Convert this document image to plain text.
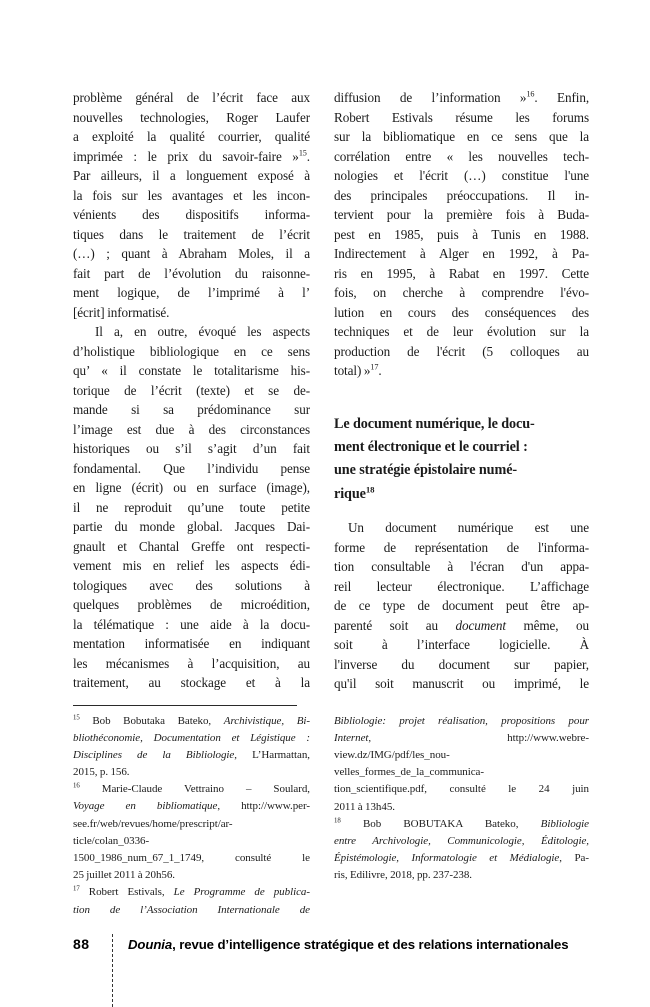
problème général de l’écrit face aux
nouvelles technologies, Roger Laufer
a exploité la qualité courrier, qualité
imprimée : le prix du savoir-faire »$^{15}$.
Par ailleurs, il a longuement exposé à
la fois sur les avantages et les incon-
vénients des dispositifs informa-
tiques dans le traitement de l’écrit
(…) ; quant à Abraham Moles, il a
fait part de l’évolution du raisonne-
ment logique, de l’imprimé à l’
[écrit] informatisé.
Il a, en outre, évoqué les aspects
d’holistique bibliologique en ce sens
qu’ « il constate le totalitarisme his-
torique de l’écrit (texte) et se de-
mande si sa prédominance sur
l’image est due à des circonstances
historiques ou s’il s’agit d’un fait
fondamental. Que l’individu pense
en ligne (écrit) ou en surface (image),
il ne reproduit qu’une toute petite
partie du monde global. Jacques Dai-
gnault et Chantal Greffe ont respecti-
vement mis en relief les aspects édi-
tologiques avec des solutions à
quelques problèmes de microédition,
la télématique : une aide à la docu-
mentation informatisée en indiquant
les mécanismes à l’acquisition, au
traitement, au stockage et à la
$^{15}$ Bob Bobutaka Bateko, Archivistique, Bi-
bliothéconomie, Documentation et Légistique :
Disciplines de la Bibliologie, L’Harmattan,
2015, p. 156.
$^{16}$ Marie-Claude Vettraino – Soulard,
Voyage en bibliomatique, http://www.per-
see.fr/web/revues/home/prescript/ar-
ticle/colan_0336-
1500_1986_num_67_1_1749, consulté le
25 juillet 2011 à 20h56.
$^{17}$ Robert Estivals, Le Programme de publica-
tion de l’Association Internationale de
diffusion de l’information »$^{16}$. Enfin,
Robert Estivals résume les forums
sur la bibliomatique en ce sens que la
corrélation entre « les nouvelles tech-
nologies et l'écrit (…) constitue l'une
des principales préoccupations. Il in-
tervient pour la première fois à Buda-
pest en 1985, puis à Tunis en 1988.
Indirectement à Alger en 1992, à Pa-
ris en 1995, à Rabat en 1997. Cette
fois, on cherche à comprendre l'évo-
lution en cours des conséquences des
techniques et de leur évolution sur la
production de l'écrit (5 colloques au
total) »$^{17}$.
Le document numérique, le docu-
ment électronique et le courriel :
une stratégie épistolaire numé-
rique$^{18}$
Un document numérique est une
forme de représentation de l'informa-
tion consultable à l'écran d'un appa-
reil lecteur électronique. L’affichage
de ce type de document peut être ap-
parenté soit au document même, ou
soit à l’interface logicielle. À
l'inverse du document sur papier,
qu'il soit manuscrit ou imprimé, le
Bibliologie: projet réalisation, propositions pour
Internet, http://www.webre-
view.dz/IMG/pdf/les_nou-
velles_formes_de_la_communica-
tion_scientifique.pdf, consulté le 24 juin
2011 à 13h45.
$^{18}$ Bob BOBUTAKA Bateko, Bibliologie
entre Archivologie, Communicologie, Éditologie,
Épistémologie, Informatologie et Médialogie, Pa-
ris, Edilivre, 2018, pp. 237-238.
88	Dounia, revue d’intelligence stratégique et des relations internationales
